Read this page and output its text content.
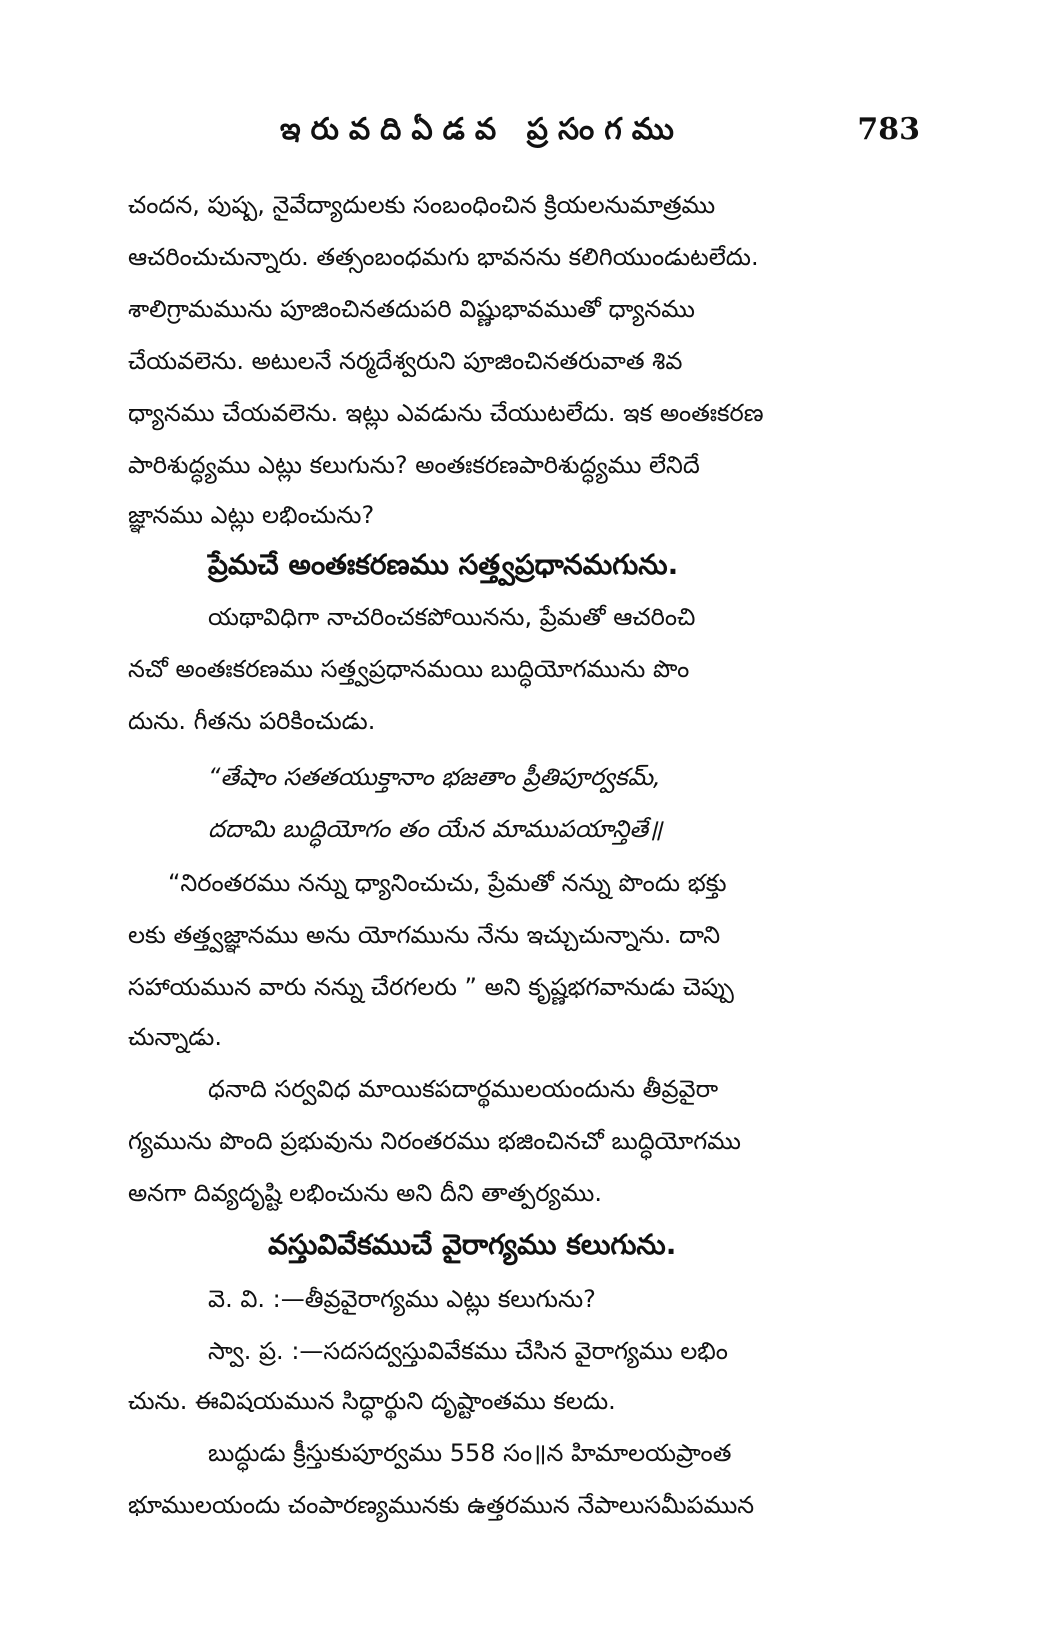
ఇరువదిఏడవ ప్రసంగము	783
చందన, పుష్ప, నైవేద్యాదులకు సంబంధించిన క్రియలనుమాత్రము
ఆచరించుచున్నారు. తత్సంబంధమగు భావనను కలిగియుండుటలేదు.
శాలిగ్రామమును పూజించినతదుపరి విష్ణుభావముతో ధ్యానము
చేయవలెను. అటులనే నర్మదేశ్వరుని పూజించినతరువాత శివ
ధ్యానము చేయవలెను. ఇట్లు ఎవడును చేయుటలేదు. ఇక అంతఃకరణ
పారిశుద్ధ్యము ఎట్లు కలుగును? అంతఃకరణపారిశుద్ధ్యము లేనిదే
జ్ఞానము ఎట్లు లభించును?
ప్రేమచే అంతఃకరణము సత్త్వప్రధానమగును.
యథావిధిగా నాచరించకపోయినను, ప్రేమతో ఆచరించి
నచో అంతఃకరణము సత్త్వప్రధానమయి బుద్ధియోగమును పొం
దును. గీతను పరికించుడు.
“తేషాం సతతయుక్తానాం భజతాం ప్రీతిపూర్వకమ్,
దదామి బుద్ధియోగం తం యేన మాముపయాన్తితే॥
“నిరంతరము నన్ను ధ్యానించుచు, ప్రేమతో నన్ను పొందు భక్తు
లకు తత్త్వజ్ఞానము అను యోగమును నేను ఇచ్చుచున్నాను. దాని
సహాయమున వారు నన్ను చేరగలరు ” అని కృష్ణభగవానుడు చెప్పు
చున్నాడు.
ధనాది సర్వవిధ మాయికపదార్థములయందును తీవ్రవైరా
గ్యమును పొంది ప్రభువును నిరంతరము భజించినచో బుద్ధియోగము
అనగా దివ్యదృష్టి లభించును అని దీని తాత్పర్యము.
వస్తువివేకముచే వైరాగ్యము కలుగును.
వె. వి. :—తీవ్రవైరాగ్యము ఎట్లు కలుగును?
స్వా. ప్ర. :—సదసద్వస్తువివేకము చేసిన వైరాగ్యము లభిం
చును. ఈవిషయమున సిద్ధార్థుని దృష్టాంతము కలదు.
బుద్ధుడు క్రీస్తుకుపూర్వము 558 సం॥న హిమాలయప్రాంత
భూములయందు చంపారణ్యమునకు ఉత్తరమున నేపాలుసమీపమున
